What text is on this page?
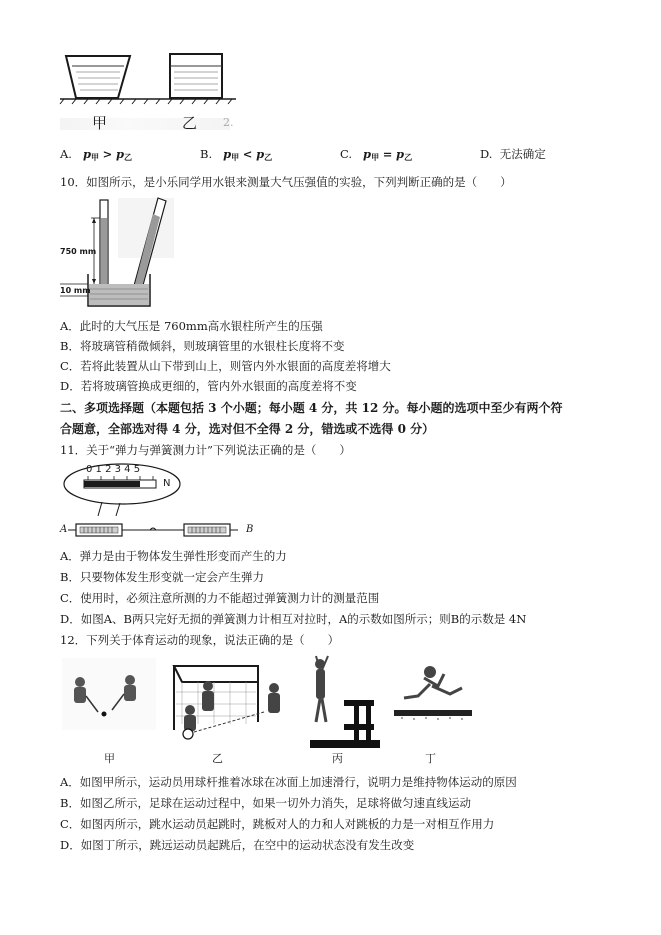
甲	乙 2.
A. $p_甲 > p_乙$	B. $p_甲 < p_乙$	C. $p_甲 = p_乙$	D. 无法确定
10．如图所示，是小乐同学用水银来测量大气压强值的实验，下列判断正确的是（　　）
750 mm
10 mm
A．此时的大气压是 760mm高水银柱所产生的压强
B．将玻璃管稍微倾斜，则玻璃管里的水银柱长度将不变
C．若将此装置从山下带到山上，则管内外水银面的高度差将增大
D．若将玻璃管换成更细的，管内外水银面的高度差将不变
二、多项选择题（本题包括 3 个小题；每小题 4 分，共 12 分。每小题的选项中至少有两个符
合题意，全部选对得 4 分，选对但不全得 2 分，错选或不选得 0 分）
11．关于“弹力与弹簧测力计”下列说法正确的是（　　）
0 1 2 3 4 5
N
A	B
A．弹力是由于物体发生弹性形变而产生的力
B．只要物体发生形变就一定会产生弹力
C．使用时，必须注意所测的力不能超过弹簧测力计的测量范围
D．如图A、B两只完好无损的弹簧测力计相互对拉时，A的示数如图所示；则B的示数是 4N
12．下列关于体育运动的现象，说法正确的是（　　）
甲	乙	丙	丁
A．如图甲所示，运动员用球杆推着冰球在冰面上加速滑行，说明力是维持物体运动的原因
B．如图乙所示，足球在运动过程中，如果一切外力消失，足球将做匀速直线运动
C．如图丙所示，跳水运动员起跳时，跳板对人的力和人对跳板的力是一对相互作用力
D．如图丁所示，跳远运动员起跳后，在空中的运动状态没有发生改变
